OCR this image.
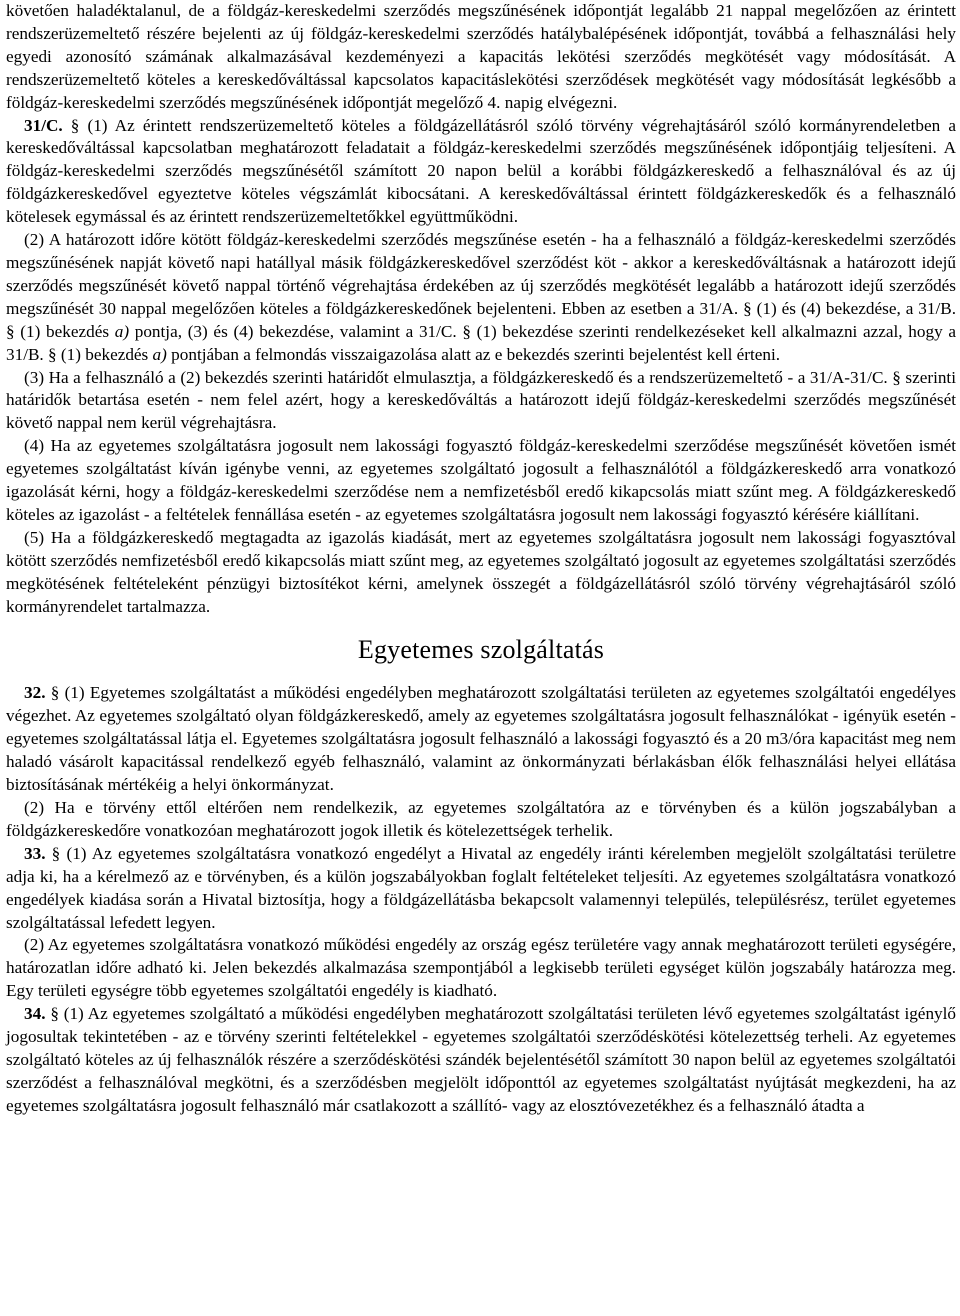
követően haladéktalanul, de a földgáz-kereskedelmi szerződés megszűnésének időpontját legalább 21 nappal megelőzően az érintett rendszerüzemeltető részére bejelenti az új földgáz-kereskedelmi szerződés hatálybalépésének időpontját, továbbá a felhasználási hely egyedi azonosító számának alkalmazásával kezdeményezi a kapacitás lekötési szerződés megkötését vagy módosítását. A rendszerüzemeltető köteles a kereskedőváltással kapcsolatos kapacitáslekötési szerződések megkötését vagy módosítását legkésőbb a földgáz-kereskedelmi szerződés megszűnésének időpontját megelőző 4. napig elvégezni.

31/C. § (1) Az érintett rendszerüzemeltető köteles a földgázellátásról szóló törvény végrehajtásáról szóló kormányrendeletben a kereskedőváltással kapcsolatban meghatározott feladatait a földgáz-kereskedelmi szerződés megszűnésének időpontjáig teljesíteni. A földgáz-kereskedelmi szerződés megszűnésétől számított 20 napon belül a korábbi földgázkereskedő a felhasználóval és az új földgázkereskedővel egyeztetve köteles végszámlát kibocsátani. A kereskedőváltással érintett földgázkereskedők és a felhasználó kötelesek egymással és az érintett rendszerüzemeltetőkkel együttműködni.

(2) A határozott időre kötött földgáz-kereskedelmi szerződés megszűnése esetén - ha a felhasználó a földgáz-kereskedelmi szerződés megszűnésének napját követő napi hatállyal másik földgázkereskedővel szerződést köt - akkor a kereskedőváltásnak a határozott idejű szerződés megszűnését követő nappal történő végrehajtása érdekében az új szerződés megkötését legalább a határozott idejű szerződés megszűnését 30 nappal megelőzően köteles a földgázkereskedőnek bejelenteni. Ebben az esetben a 31/A. § (1) és (4) bekezdése, a 31/B. § (1) bekezdés a) pontja, (3) és (4) bekezdése, valamint a 31/C. § (1) bekezdése szerinti rendelkezéseket kell alkalmazni azzal, hogy a 31/B. § (1) bekezdés a) pontjában a felmondás visszaigazolása alatt az e bekezdés szerinti bejelentést kell érteni.

(3) Ha a felhasználó a (2) bekezdés szerinti határidőt elmulasztja, a földgázkereskedő és a rendszerüzemeltető - a 31/A-31/C. § szerinti határidők betartása esetén - nem felel azért, hogy a kereskedőváltás a határozott idejű földgáz-kereskedelmi szerződés megszűnését követő nappal nem kerül végrehajtásra.

(4) Ha az egyetemes szolgáltatásra jogosult nem lakossági fogyasztó földgáz-kereskedelmi szerződése megszűnését követően ismét egyetemes szolgáltatást kíván igénybe venni, az egyetemes szolgáltató jogosult a felhasználótól a földgázkereskedő arra vonatkozó igazolását kérni, hogy a földgáz-kereskedelmi szerződése nem a nemfizetésből eredő kikapcsolás miatt szűnt meg. A földgázkereskedő köteles az igazolást - a feltételek fennállása esetén - az egyetemes szolgáltatásra jogosult nem lakossági fogyasztó kérésére kiállítani.

(5) Ha a földgázkereskedő megtagadta az igazolás kiadását, mert az egyetemes szolgáltatásra jogosult nem lakossági fogyasztóval kötött szerződés nemfizetésből eredő kikapcsolás miatt szűnt meg, az egyetemes szolgáltató jogosult az egyetemes szolgáltatási szerződés megkötésének feltételeként pénzügyi biztosítékot kérni, amelynek összegét a földgázellátásról szóló törvény végrehajtásáról szóló kormányrendelet tartalmazza.

Egyetemes szolgáltatás

32. § (1) Egyetemes szolgáltatást a működési engedélyben meghatározott szolgáltatási területen az egyetemes szolgáltatói engedélyes végezhet. Az egyetemes szolgáltató olyan földgázkereskedő, amely az egyetemes szolgáltatásra jogosult felhasználókat - igényük esetén - egyetemes szolgáltatással látja el. Egyetemes szolgáltatásra jogosult felhasználó a lakossági fogyasztó és a 20 m3/óra kapacitást meg nem haladó vásárolt kapacitással rendelkező egyéb felhasználó, valamint az önkormányzati bérlakásban élők felhasználási helyei ellátása biztosításának mértékéig a helyi önkormányzat.

(2) Ha e törvény ettől eltérően nem rendelkezik, az egyetemes szolgáltatóra az e törvényben és a külön jogszabályban a földgázkereskedőre vonatkozóan meghatározott jogok illetik és kötelezettségek terhelik.

33. § (1) Az egyetemes szolgáltatásra vonatkozó engedélyt a Hivatal az engedély iránti kérelemben megjelölt szolgáltatási területre adja ki, ha a kérelmező az e törvényben, és a külön jogszabályokban foglalt feltételeket teljesíti. Az egyetemes szolgáltatásra vonatkozó engedélyek kiadása során a Hivatal biztosítja, hogy a földgázellátásba bekapcsolt valamennyi település, településrész, terület egyetemes szolgáltatással lefedett legyen.

(2) Az egyetemes szolgáltatásra vonatkozó működési engedély az ország egész területére vagy annak meghatározott területi egységére, határozatlan időre adható ki. Jelen bekezdés alkalmazása szempontjából a legkisebb területi egységet külön jogszabály határozza meg. Egy területi egységre több egyetemes szolgáltatói engedély is kiadható.

34. § (1) Az egyetemes szolgáltató a működési engedélyben meghatározott szolgáltatási területen lévő egyetemes szolgáltatást igénylő jogosultak tekintetében - az e törvény szerinti feltételekkel - egyetemes szolgáltatói szerződéskötési kötelezettség terheli. Az egyetemes szolgáltató köteles az új felhasználók részére a szerződéskötési szándék bejelentésétől számított 30 napon belül az egyetemes szolgáltatói szerződést a felhasználóval megkötni, és a szerződésben megjelölt időponttól az egyetemes szolgáltatást nyújtását megkezdeni, ha az egyetemes szolgáltatásra jogosult felhasználó már csatlakozott a szállító- vagy az elosztóvezetékhez és a felhasználó átadta a
